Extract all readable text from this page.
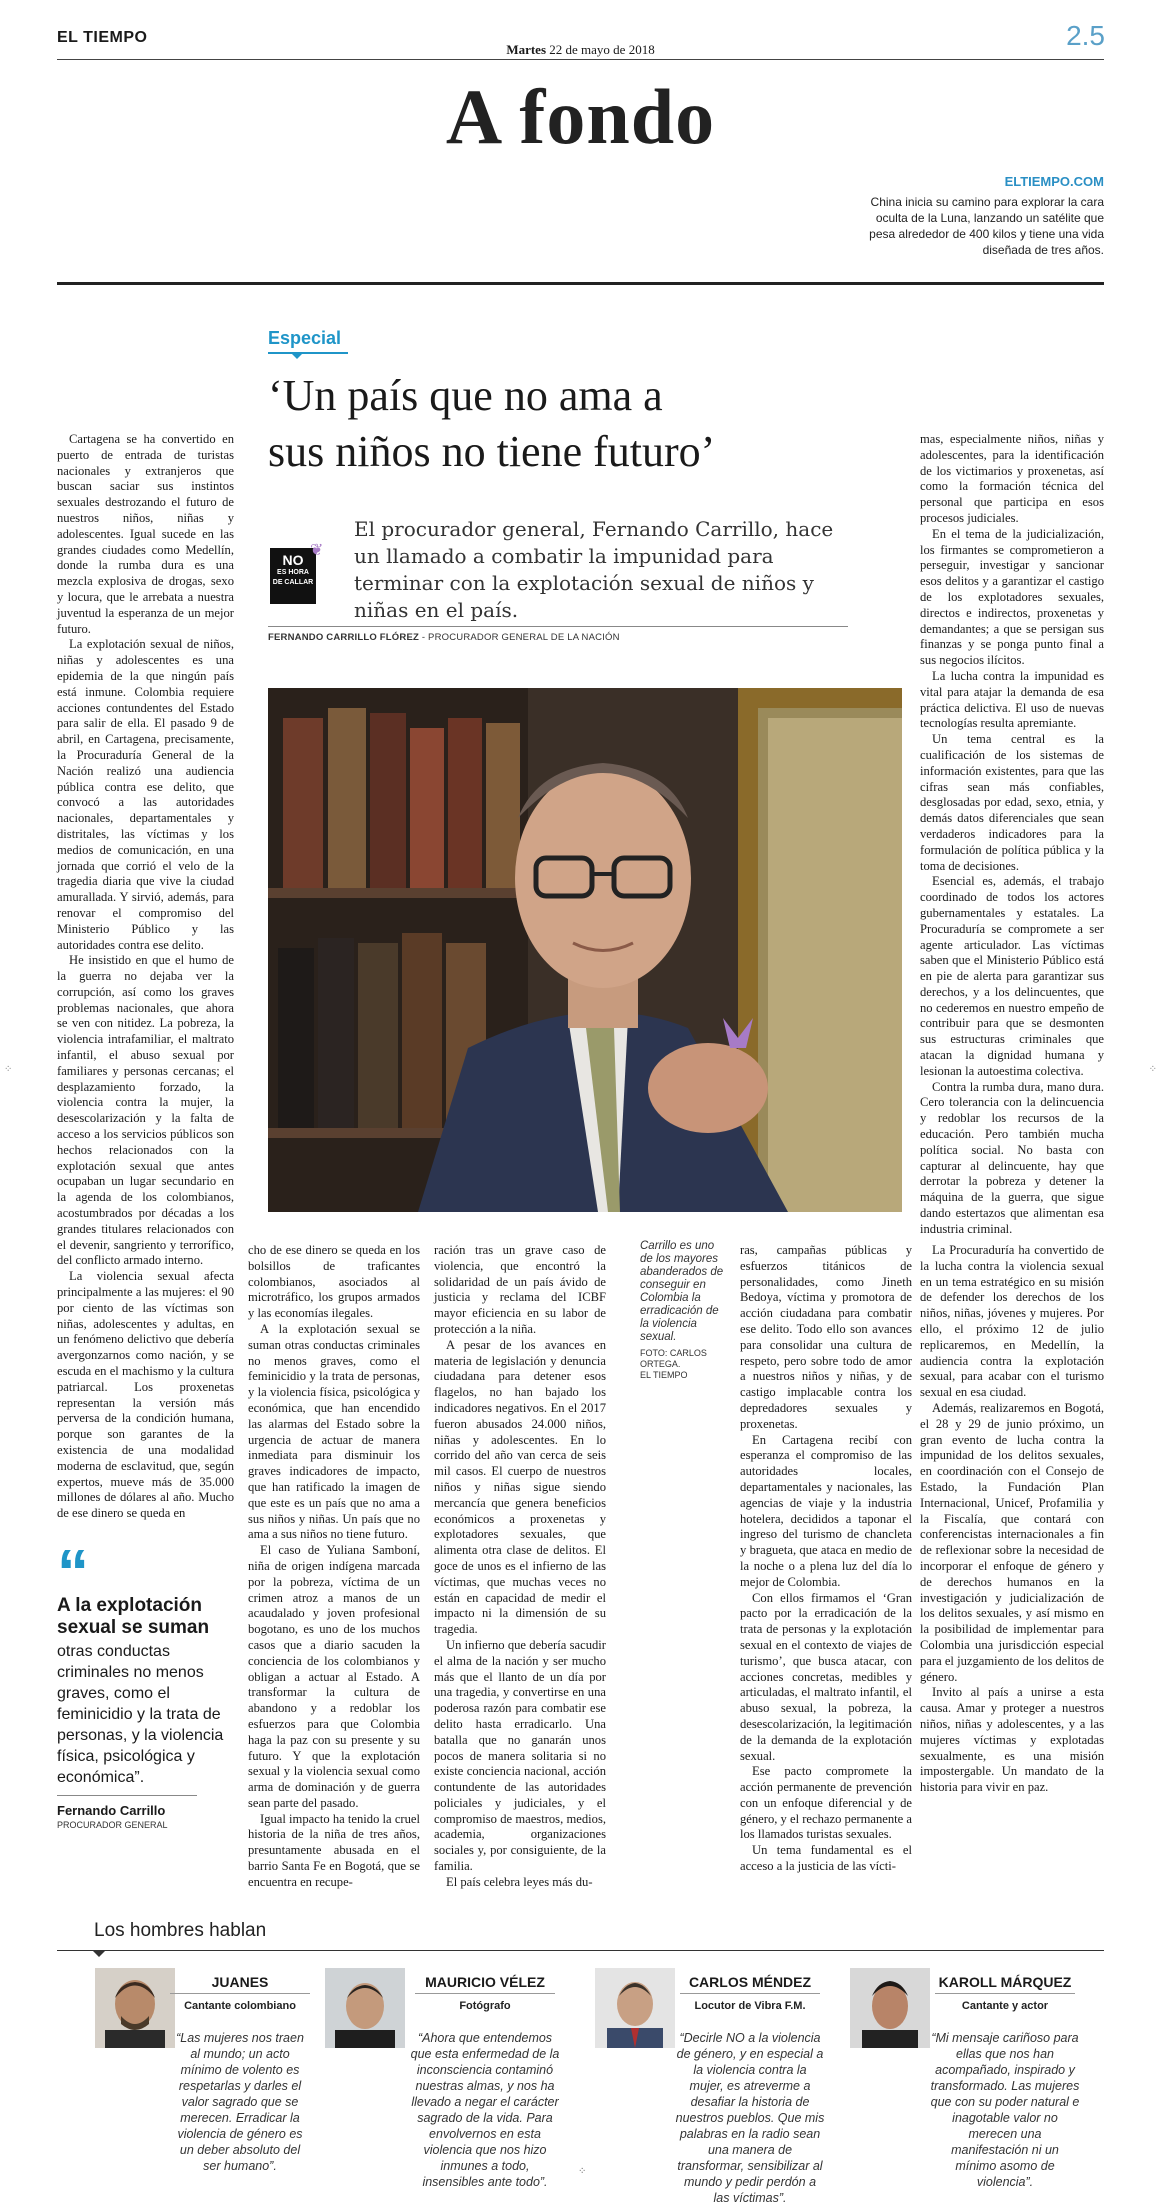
EL TIEMPO
Martes 22 de mayo de 2018	2.5
A fondo
ELTIEMPO.COM
China inicia su camino para explorar la cara oculta de la Luna, lanzando un satélite que pesa alrededor de 400 kilos y tiene una vida diseñada de tres años.
Especial
‘Un país que no ama a
sus niños no tiene futuro’
NO
ES HORA
DE CALLAR
❦
El procurador general, Fernando Carrillo, hace un llamado a combatir la impunidad para terminar con la explotación sexual de niños y niñas en el país.
FERNANDO CARRILLO FLÓREZ - PROCURADOR GENERAL DE LA NACIÓN

Cartagena se ha convertido en puerto de entrada de turistas nacionales y extranjeros que buscan saciar sus instintos sexuales destrozando el futuro de nuestros niños, niñas y adolescentes. Igual sucede en las grandes ciudades como Medellín, donde la rumba dura es una mezcla explosiva de drogas, sexo y locura, que le arrebata a nuestra juventud la esperanza de un mejor futuro.

La explotación sexual de niños, niñas y adolescentes es una epidemia de la que ningún país está inmune. Colombia requiere acciones contundentes del Estado para salir de ella. El pasado 9 de abril, en Cartagena, precisamente, la Procuraduría General de la Nación realizó una audiencia pública contra ese delito, que convocó a las autoridades nacionales, departamentales y distritales, las víctimas y los medios de comunicación, en una jornada que corrió el velo de la tragedia diaria que vive la ciudad amurallada. Y sirvió, además, para renovar el compromiso del Ministerio Público y las autoridades contra ese delito.

He insistido en que el humo de la guerra no dejaba ver la corrupción, así como los graves problemas nacionales, que ahora se ven con nitidez. La pobreza, la violencia intrafamiliar, el maltrato infantil, el abuso sexual por familiares y personas cercanas; el desplazamiento forzado, la violencia contra la mujer, la desescolarización y la falta de acceso a los servicios públicos son hechos relacionados con la explotación sexual que antes ocupaban un lugar secundario en la agenda de los colombianos, acostumbrados por décadas a los grandes titulares relacionados con el devenir, sangriento y terrorífico, del conflicto armado interno.

La violencia sexual afecta principalmente a las mujeres: el 90 por ciento de las víctimas son niñas, adolescentes y adultas, en un fenómeno delictivo que debería avergonzarnos como nación, y se escuda en el machismo y la cultura patriarcal. Los proxenetas representan la versión más perversa de la condición humana, porque son garantes de la existencia de una modalidad moderna de esclavitud, que, según expertos, mueve más de 35.000 millones de dólares al año. Mucho de ese dinero se queda en

mas, especialmente niños, niñas y adolescentes, para la identificación de los victimarios y proxenetas, así como la formación técnica del personal que participa en esos procesos judiciales.

En el tema de la judicialización, los firmantes se comprometieron a perseguir, investigar y sancionar esos delitos y a garantizar el castigo de los explotadores sexuales, directos e indirectos, proxenetas y demandantes; a que se persigan sus finanzas y se ponga punto final a sus negocios ilícitos.

La lucha contra la impunidad es vital para atajar la demanda de esa práctica delictiva. El uso de nuevas tecnologías resulta apremiante.

Un tema central es la cualificación de los sistemas de información existentes, para que las cifras sean más confiables, desglosadas por edad, sexo, etnia, y demás datos diferenciales que sean verdaderos indicadores para la formulación de política pública y la toma de decisiones.

Esencial es, además, el trabajo coordinado de todos los actores gubernamentales y estatales. La Procuraduría se compromete a ser agente articulador. Las víctimas saben que el Ministerio Público está en pie de alerta para garantizar sus derechos, y a los delincuentes, que no cederemos en nuestro empeño de contribuir para que se desmonten sus estructuras criminales que atacan la dignidad humana y lesionan la autoestima colectiva.

Contra la rumba dura, mano dura. Cero tolerancia con la delincuencia y redoblar los recursos de la educación. Pero también mucha política social. No basta con capturar al delincuente, hay que derrotar la pobreza y detener la máquina de la guerra, que sigue dando estertazos que alimentan esa industria criminal.

cho de ese dinero se queda en los bolsillos de traficantes colombianos, asociados al microtráfico, los grupos armados y las economías ilegales.

A la explotación sexual se suman otras conductas criminales no menos graves, como el feminicidio y la trata de personas, y la violencia física, psicológica y económica, que han encendido las alarmas del Estado sobre la urgencia de actuar de manera inmediata para disminuir los graves indicadores de impacto, que han ratificado la imagen de que este es un país que no ama a sus niños y niñas. Un país que no ama a sus niños no tiene futuro.

El caso de Yuliana Samboní, niña de origen indígena marcada por la pobreza, víctima de un crimen atroz a manos de un acaudalado y joven profesional bogotano, es uno de los muchos casos que a diario sacuden la conciencia de los colombianos y obligan a actuar al Estado. A transformar la cultura de abandono y a redoblar los esfuerzos para que Colombia haga la paz con su presente y su futuro. Y que la explotación sexual y la violencia sexual como arma de dominación y de guerra sean parte del pasado.

Igual impacto ha tenido la cruel historia de la niña de tres años, presuntamente abusada en el barrio Santa Fe en Bogotá, que se encuentra en recupe-

ración tras un grave caso de violencia, que encontró la solidaridad de un país ávido de justicia y reclama del ICBF mayor eficiencia en su labor de protección a la niña.

A pesar de los avances en materia de legislación y denuncia ciudadana para detener esos flagelos, no han bajado los indicadores negativos. En el 2017 fueron abusados 24.000 niños, niñas y adolescentes. En lo corrido del año van cerca de seis mil casos. El cuerpo de nuestros niños y niñas sigue siendo mercancía que genera beneficios económicos a proxenetas y explotadores sexuales, que alimenta otra clase de delitos. El goce de unos es el infierno de las víctimas, que muchas veces no están en capacidad de medir el impacto ni la dimensión de su tragedia.

Un infierno que debería sacudir el alma de la nación y ser mucho más que el llanto de un día por una tragedia, y convertirse en una poderosa razón para combatir ese delito hasta erradicarlo. Una batalla que no ganarán unos pocos de manera solitaria si no existe conciencia nacional, acción contundente de las autoridades policiales y judiciales, y el compromiso de maestros, medios, academia, organizaciones sociales y, por consiguiente, de la familia.

El país celebra leyes más du-

Carrillo es uno de los mayores abanderados de conseguir en Colombia la erradicación de la violencia sexual.
FOTO: CARLOS ORTEGA.
EL TIEMPO

ras, campañas públicas y esfuerzos titánicos de personalidades, como Jineth Bedoya, víctima y promotora de acción ciudadana para combatir ese delito. Todo ello son avances para consolidar una cultura de respeto, pero sobre todo de amor a nuestros niños y niñas, y de castigo implacable contra los depredadores sexuales y proxenetas.

En Cartagena recibí con esperanza el compromiso de las autoridades locales, departamentales y nacionales, las agencias de viaje y la industria hotelera, decididos a taponar el ingreso del turismo de chancleta y bragueta, que ataca en medio de la noche o a plena luz del día lo mejor de Colombia.

Con ellos firmamos el ‘Gran pacto por la erradicación de la trata de personas y la explotación sexual en el contexto de viajes de turismo’, que busca atacar, con acciones concretas, medibles y articuladas, el maltrato infantil, el abuso sexual, la pobreza, la desescolarización, la legitimación de la demanda de la explotación sexual.

Ese pacto compromete la acción permanente de prevención con un enfoque diferencial y de género, y el rechazo permanente a los llamados turistas sexuales.

Un tema fundamental es el acceso a la justicia de las vícti-

La Procuraduría ha convertido de la lucha contra la violencia sexual en un tema estratégico en su misión de defender los derechos de los niños, niñas, jóvenes y mujeres. Por ello, el próximo 12 de julio replicaremos, en Medellín, la audiencia contra la explotación sexual, para acabar con el turismo sexual en esa ciudad.

Además, realizaremos en Bogotá, el 28 y 29 de junio próximo, un gran evento de lucha contra la impunidad de los delitos sexuales, en coordinación con el Consejo de Estado, la Fundación Plan Internacional, Unicef, Profamilia y la Fiscalía, que contará con conferencistas internacionales a fin de reflexionar sobre la necesidad de incorporar el enfoque de género y de derechos humanos en la investigación y judicialización de los delitos sexuales, y así mismo en la posibilidad de implementar para Colombia una jurisdicción especial para el juzgamiento de los delitos de género.

Invito al país a unirse a esta causa. Amar y proteger a nuestros niños, niñas y adolescentes, y a las mujeres víctimas y explotadas sexualmente, es una misión impostergable. Un mandato de la historia para vivir en paz.

“
A la explotación sexual se suman
otras conductas criminales no menos graves, como el feminicidio y la trata de personas, y la violencia física, psicológica y económica”.
Fernando Carrillo
PROCURADOR GENERAL
Los hombres hablan
JUANES
Cantante colombiano
“Las mujeres nos traen al mundo; un acto mínimo de volento es respetarlas y darles el valor sagrado que se merecen. Erradicar la violencia de género es un deber absoluto del ser humano”.
MAURICIO VÉLEZ
Fotógrafo
“Ahora que entendemos que esta enfermedad de la inconsciencia contaminó nuestras almas, y nos ha llevado a negar el carácter sagrado de la vida. Para envolvernos en esta violencia que nos hizo inmunes a todo, insensibles ante todo”.
CARLOS MÉNDEZ
Locutor de Vibra F.M.
“Decirle NO a la violencia de género, y en especial a la violencia contra la mujer, es atreverme a desafiar la historia de nuestros pueblos. Que mis palabras en la radio sean una manera de transformar, sensibilizar al mundo y pedir perdón a las víctimas”.
KAROLL MÁRQUEZ
Cantante y actor
“Mi mensaje cariñoso para ellas que nos han acompañado, inspirado y transformado. Las mujeres que con su poder natural e inagotable valor no merecen una manifestación ni un mínimo asomo de violencia”.
⁘	⁘
⁘
